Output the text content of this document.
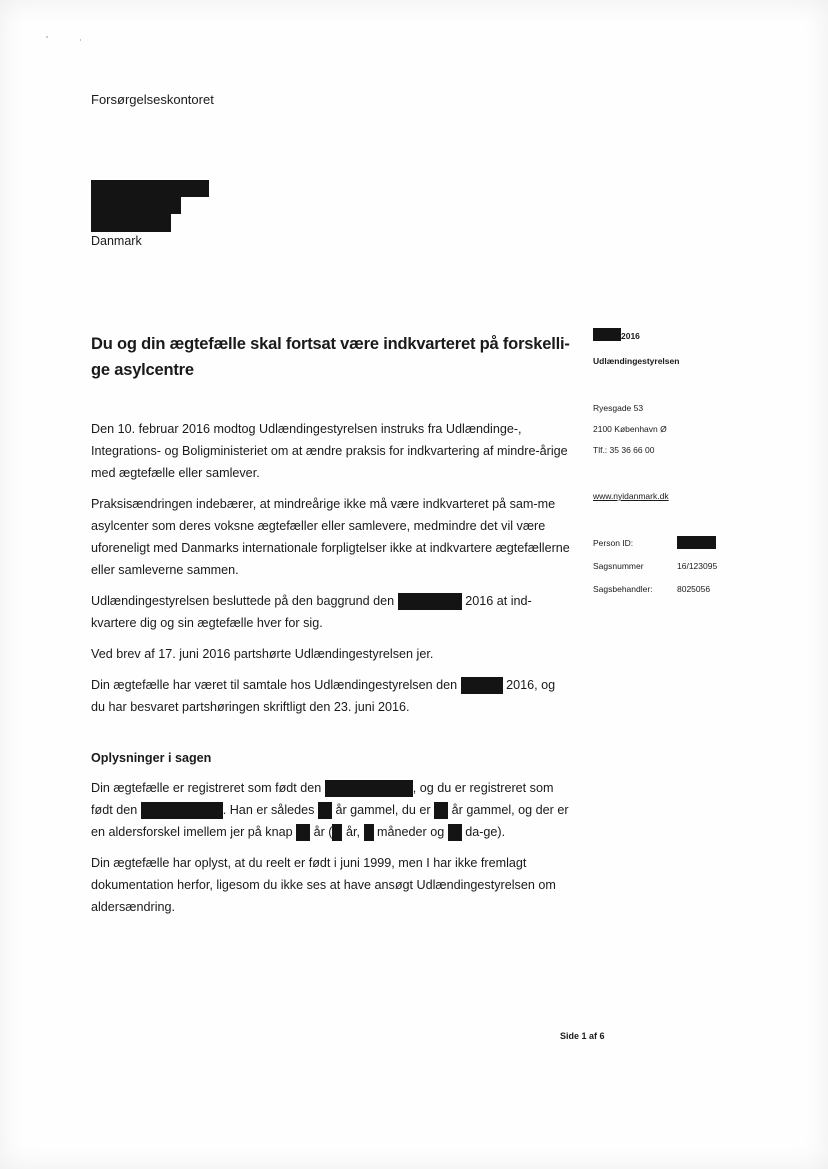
Forsørgelseskontoret
Danmark
Du og din ægtefælle skal fortsat være indkvarteret på forskelli-ge asylcentre
2016
Udlændingestyrelsen
Ryesgade 53
2100 København Ø
Tlf.: 35 36 66 00
www.nyidanmark.dk
Person ID:
Sagsnummer	16/123095
Sagsbehandler:	8025056

Den 10. februar 2016 modtog Udlændingestyrelsen instruks fra Udlændinge-, Integrations- og Boligministeriet om at ændre praksis for indkvartering af mindre-årige med ægtefælle eller samlever.

Praksisændringen indebærer, at mindreårige ikke må være indkvarteret på sam-me asylcenter som deres voksne ægtefæller eller samlevere, medmindre det vil være uforeneligt med Danmarks internationale forpligtelser ikke at indkvartere ægtefællerne eller samleverne sammen.

Udlændingestyrelsen besluttede på den baggrund den	2016 at ind-kvartere dig og sin ægtefælle hver for sig.

Ved brev af 17. juni 2016 partshørte Udlændingestyrelsen jer.

Din ægtefælle har været til samtale hos Udlændingestyrelsen den	2016, og du har besvaret partshøringen skriftligt den 23. juni 2016.

Oplysninger i sagen

Din ægtefælle er registreret som født den	, og du er registreret som født den	. Han er således år gammel, du er år gammel, og der er en aldersforskel imellem jer på knap år ( år, måneder og da-ge).

Din ægtefælle har oplyst, at du reelt er født i juni 1999, men I har ikke fremlagt dokumentation herfor, ligesom du ikke ses at have ansøgt Udlændingestyrelsen om aldersændring.

Side 1 af 6
